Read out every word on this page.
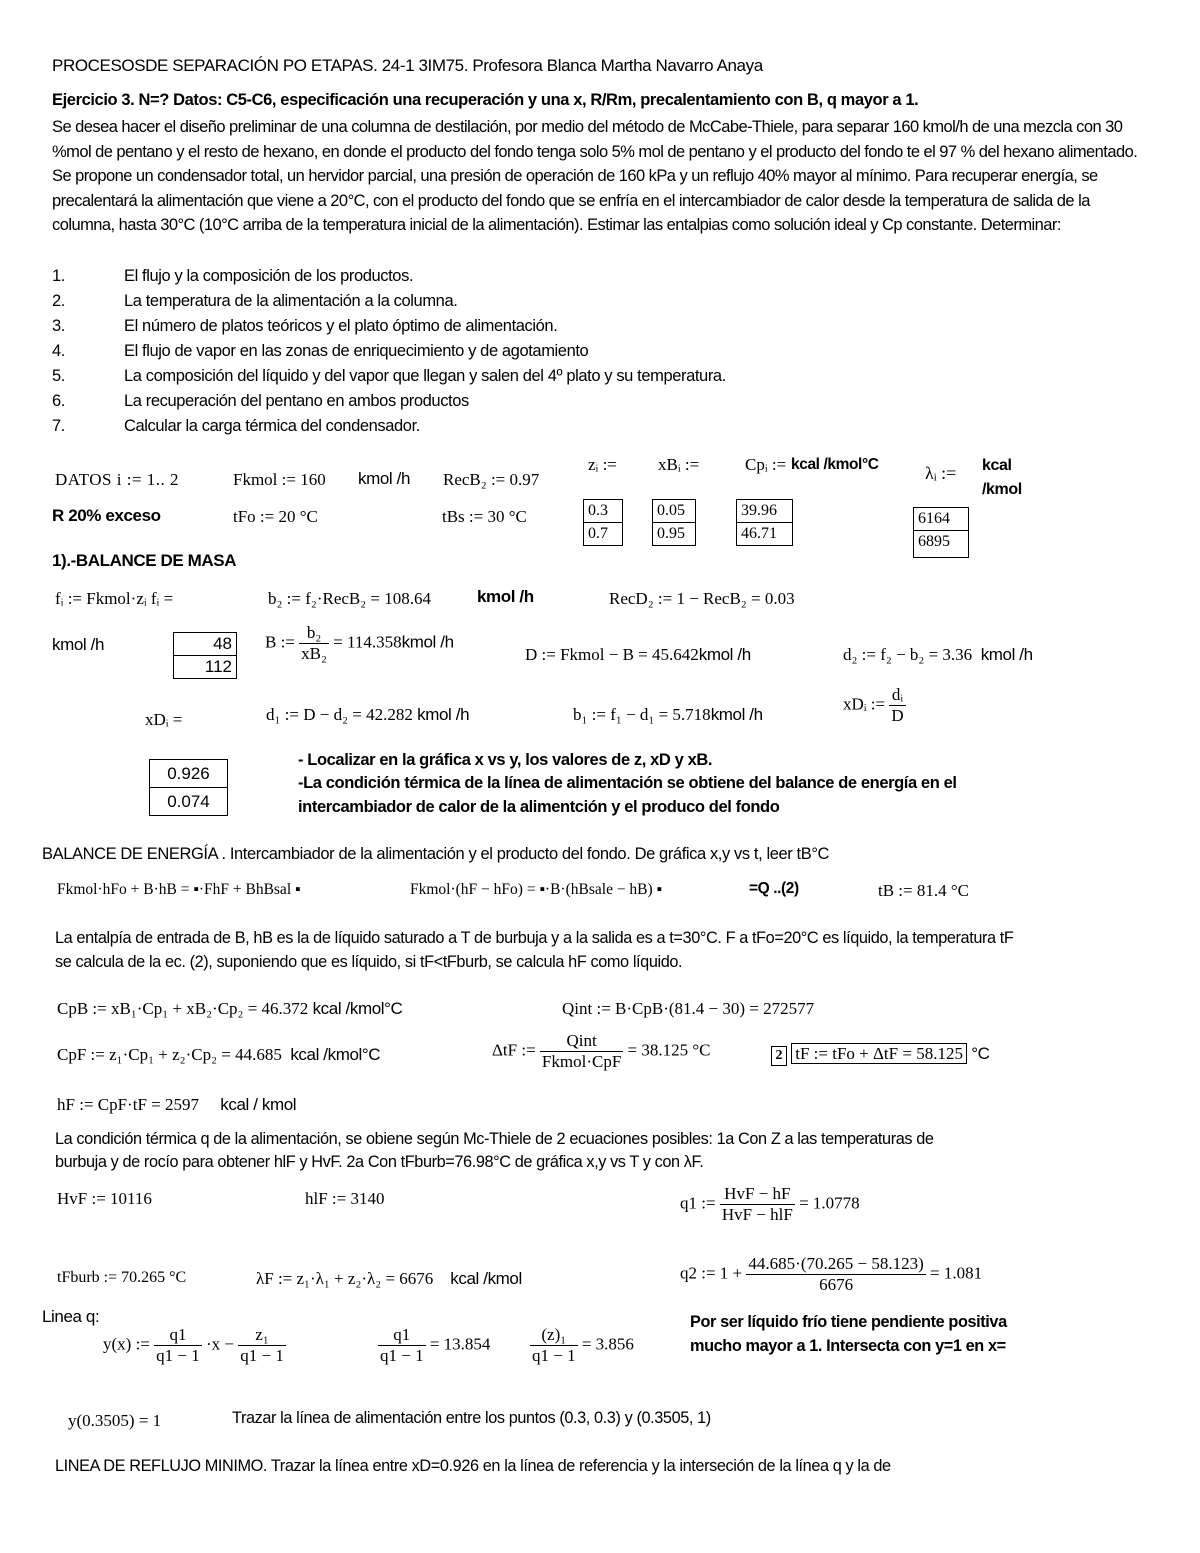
PROCESOSDE SEPARACIÓN PO ETAPAS. 24-1 3IM75. Profesora Blanca Martha Navarro Anaya
Ejercicio 3. N=? Datos: C5-C6, especificación una recuperación y una x, R/Rm, precalentamiento con B, q mayor a 1.
Se desea hacer el diseño preliminar de una columna de destilación, por medio del método de McCabe-Thiele, para separar 160 kmol/h de una mezcla con 30 %mol de pentano y el resto de hexano, en donde el producto del fondo tenga solo 5% mol de pentano y el producto del fondo te el 97 % del hexano alimentado. Se propone un condensador total, un hervidor parcial, una presión de operación de 160 kPa y un reflujo 40% mayor al mínimo. Para recuperar energía, se precalentará la alimentación que viene a 20°C, con el producto del fondo que se enfría en el intercambiador de calor desde la temperatura de salida de la columna, hasta 30°C (10°C arriba de la temperatura inicial de la alimentación). Estimar las entalpias como solución ideal y Cp constante. Determinar:
1.	El flujo y la composición de los productos.
2.	La temperatura de la alimentación a la columna.
3.	El número de platos teóricos y el plato óptimo de alimentación.
4.	El flujo de vapor en las zonas de enriquecimiento y de agotamiento
5.	La composición del líquido y del vapor que llegan y salen del 4º plato y su temperatura.
6.	La recuperación del pentano en ambos productos
7.	Calcular la carga térmica del condensador.
DATOS i := 1.. 2	Fkmol := 160 kmol /h RecB₂ := 0.97
R 20% exceso	tFo := 20 °C	tBs := 30 °C
zᵢ :=
0.3
0.7
xBᵢ :=
0.05
0.95
Cpᵢ := kcal /kmol°C
39.96
46.71
λᵢ := kcal
/kmol
6164
6895
1).-BALANCE DE MASA
fᵢ := Fkmol·zᵢ fᵢ =	b₂ := f₂·RecB₂ = 108.64	kmol /h	RecD₂ := 1 − RecB₂ = 0.03
kmol /h	48
112
B := $\frac{\text{b₂}}{\text{xB₂}}$ = 114.358kmol /h
D := Fkmol − B = 45.642kmol /h	d₂ := f₂ − b₂ = 3.36 kmol /h
xDᵢ =	d₁ := D − d₂ = 42.282 kmol /h	b₁ := f₁ − d₁ = 5.718kmol /h
xDᵢ := $\frac{\text{dᵢ}}{D}$
0.926
0.074
- Localizar en la gráfica x vs y, los valores de z, xD y xB.
-La condición térmica de la línea de alimentación se obtiene del balance de energía en el
intercambiador de calor de la alimentción y el produco del fondo
BALANCE DE ENERGÍA . Intercambiador de la alimentación y el producto del fondo. De gráfica x,y vs t, leer tB°C
Fkmol·hFo + B·hB = ▪·FhF + BhBsal ▪	Fkmol·(hF − hFo) = ▪·B·(hBsale − hB) ▪	=Q ..(2)	tB := 81.4 °C
La entalpía de entrada de B, hB es la de líquido saturado a T de burbuja y a la salida es a t=30°C. F a tFo=20°C es líquido, la temperatura tF se calcula de la ec. (2), suponiendo que es líquido, si tF<tFburb, se calcula hF como líquido.
CpB := xB₁·Cp₁ + xB₂·Cp₂ = 46.372 kcal /kmol°C	Qint := B·CpB·(81.4 − 30) = 272577
CpF := z₁·Cp₁ + z₂·Cp₂ = 44.685 kcal /kmol°C	ΔtF := $\frac{\text{Qint}}{\text{Fkmol·CpF}} = 38.125$ °C	2 tF := tFo + ΔtF = 58.125 °C
hF := CpF·tF = 2597 kcal / kmol
La condición térmica q de la alimentación, se obiene según Mc-Thiele de 2 ecuaciones posibles: 1a Con Z a las temperaturas de burbuja y de rocío para obtener hlF y HvF. 2a Con tFburb=76.98°C de gráfica x,y vs T y con λF.
HvF := 10116	hlF := 3140	q1 := $\frac{\text{HvF − hF}}{\text{HvF − hlF}} = 1.0778$
tFburb := 70.265 °C	λF := z₁·λ₁ + z₂·λ₂ = 6676 kcal /kmol	q2 := $1 + \frac{44.685\cdot(70.265 - 58.123)}{6676} = 1.081$
Linea q:
y(x) := $\frac{q1}{q1 - 1} \cdot x - \frac{\text{z₁}}{q1 - 1}$	$\frac{q1}{q1 - 1} = 13.854 \frac{\text{(z)₁}}{q1 - 1} = 3.856$
Por ser líquido frío tiene pendiente positiva
mucho mayor a 1. Intersecta con y=1 en x=
y(0.3505) = 1	Trazar la línea de alimentación entre los puntos (0.3, 0.3) y (0.3505, 1)
LINEA DE REFLUJO MINIMO. Trazar la línea entre xD=0.926 en la línea de referencia y la interseción de la línea q y la de
